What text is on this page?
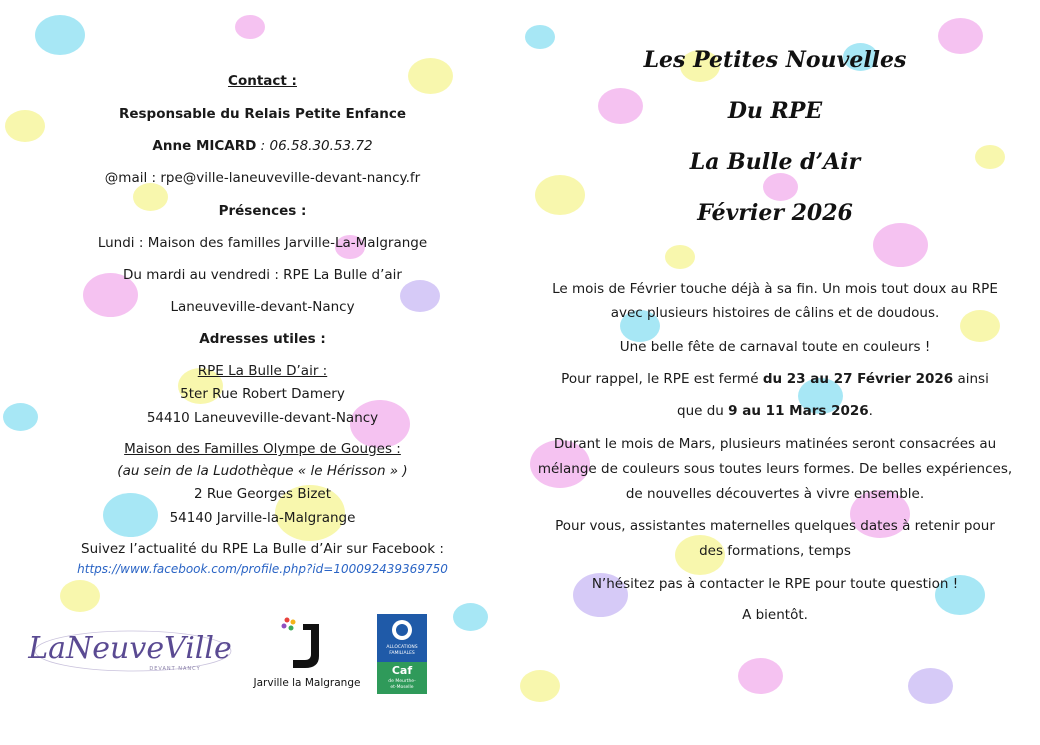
Contact :
Responsable du Relais Petite Enfance
Anne MICARD : 06.58.30.53.72
@mail : rpe@ville-laneuveville-devant-nancy.fr
Présences :
Lundi : Maison des familles Jarville-La-Malgrange
Du mardi au vendredi : RPE La Bulle d’air
Laneuveville-devant-Nancy
Adresses utiles :
RPE La Bulle D’air :
5ter Rue Robert Damery
54410 Laneuveville-devant-Nancy
Maison des Familles Olympe de Gouges :
(au sein de la Ludothèque « le Hérisson » )
2 Rue Georges Bizet
54140 Jarville-la-Malgrange
Suivez l’actualité du RPE La Bulle d’Air sur Facebook :
https://www.facebook.com/profile.php?id=100092439369750
LaNeuveVille
DEVANT NANCY
Jarville la Malgrange
ALLOCATIONS
FAMILIALES
Caf
de Meurthe-
et-Moselle
Les Petites Nouvelles
Du RPE
La Bulle d’Air
Février 2026
Le mois de Février touche déjà à sa fin. Un mois tout doux au RPE
avec plusieurs histoires de câlins et de doudous.
Une belle fête de carnaval toute en couleurs !
Pour rappel, le RPE est fermé du 23 au 27 Février 2026 ainsi
que du 9 au 11 Mars 2026.
Durant le mois de Mars, plusieurs matinées seront consacrées au
mélange de couleurs sous toutes leurs formes. De belles expériences,
de nouvelles découvertes à vivre ensemble.
Pour vous, assistantes maternelles quelques dates à retenir pour
des formations, temps
N’hésitez pas à contacter le RPE pour toute question !
A bientôt.
